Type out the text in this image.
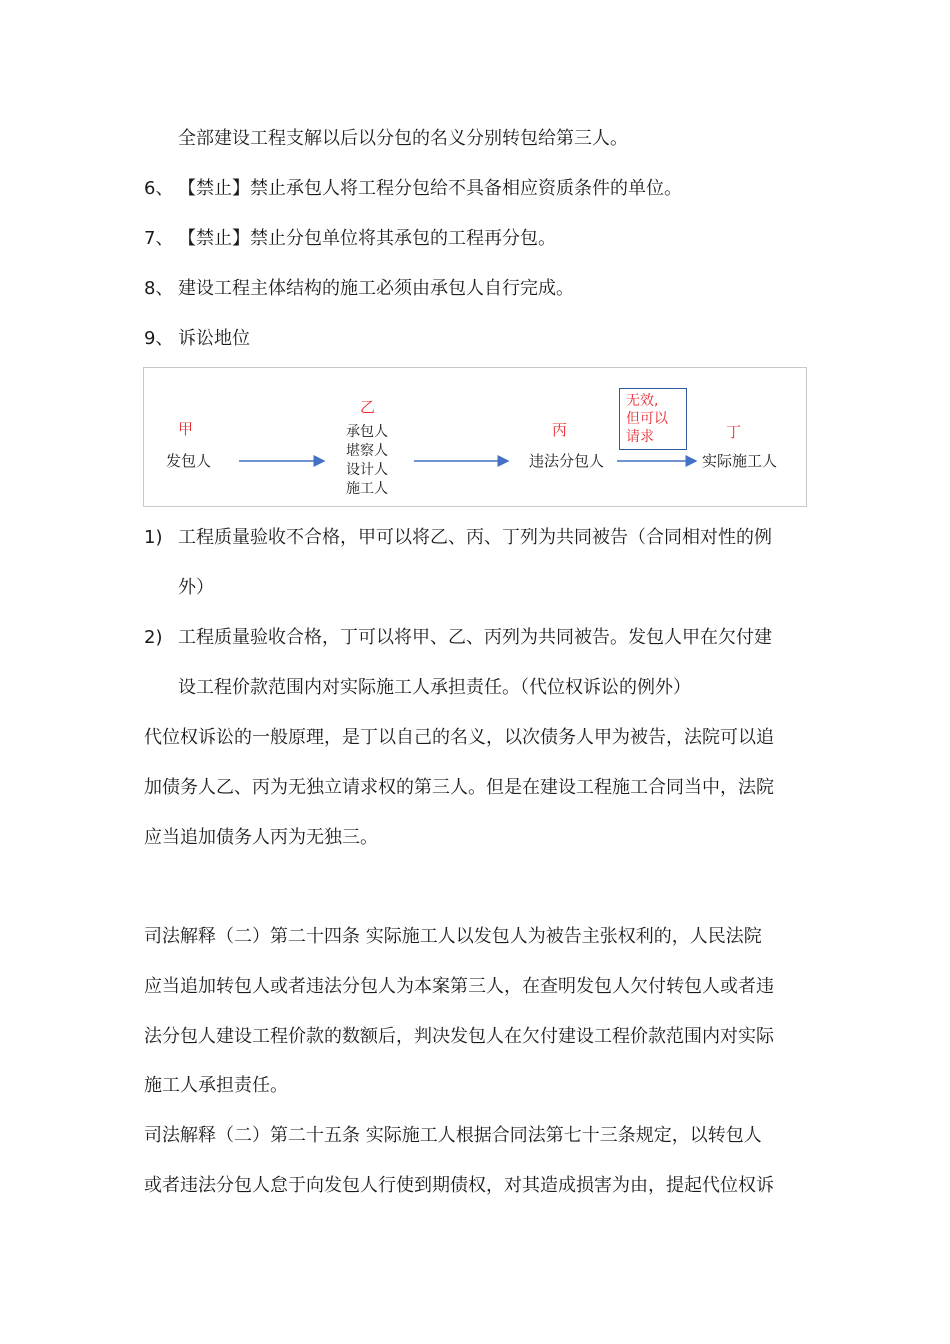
全部建设工程支解以后以分包的名义分别转包给第三人。
6、 【禁止】禁止承包人将工程分包给不具备相应资质条件的单位。
7、 【禁止】禁止分包单位将其承包的工程再分包。
8、 建设工程主体结构的施工必须由承包人自行完成。
9、 诉讼地位
甲
发包人
乙
承包人
堪察人
设计人
施工人
丙
违法分包人
无效,
但可以
请求	丁
实际施工人
1) 工程质量验收不合格，甲可以将乙、丙、丁列为共同被告（合同相对性的例
外）
2) 工程质量验收合格，丁可以将甲、乙、丙列为共同被告。发包人甲在欠付建
设工程价款范围内对实际施工人承担责任。（代位权诉讼的例外）
代位权诉讼的一般原理，是丁以自己的名义，以次债务人甲为被告，法院可以追
加债务人乙、丙为无独立请求权的第三人。但是在建设工程施工合同当中，法院
应当追加债务人丙为无独三。
司法解释（二）第二十四条 实际施工人以发包人为被告主张权利的，人民法院
应当追加转包人或者违法分包人为本案第三人，在查明发包人欠付转包人或者违
法分包人建设工程价款的数额后，判决发包人在欠付建设工程价款范围内对实际
施工人承担责任。
司法解释（二）第二十五条 实际施工人根据合同法第七十三条规定，以转包人
或者违法分包人怠于向发包人行使到期债权，对其造成损害为由，提起代位权诉
